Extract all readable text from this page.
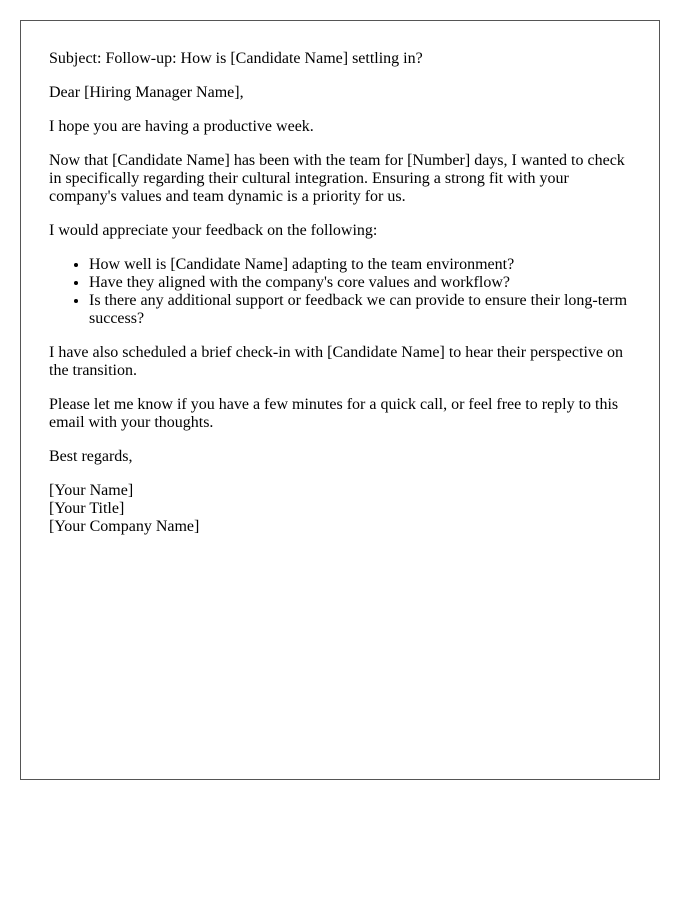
Subject: Follow-up: How is [Candidate Name] settling in?

Dear [Hiring Manager Name],

I hope you are having a productive week.

Now that [Candidate Name] has been with the team for [Number] days, I wanted to check in specifically regarding their cultural integration. Ensuring a strong fit with your company's values and team dynamic is a priority for us.

I would appreciate your feedback on the following:

• How well is [Candidate Name] adapting to the team environment?
• Have they aligned with the company's core values and workflow?
• Is there any additional support or feedback we can provide to ensure their long-term success?

I have also scheduled a brief check-in with [Candidate Name] to hear their perspective on the transition.

Please let me know if you have a few minutes for a quick call, or feel free to reply to this email with your thoughts.

Best regards,

[Your Name]
[Your Title]
[Your Company Name]
